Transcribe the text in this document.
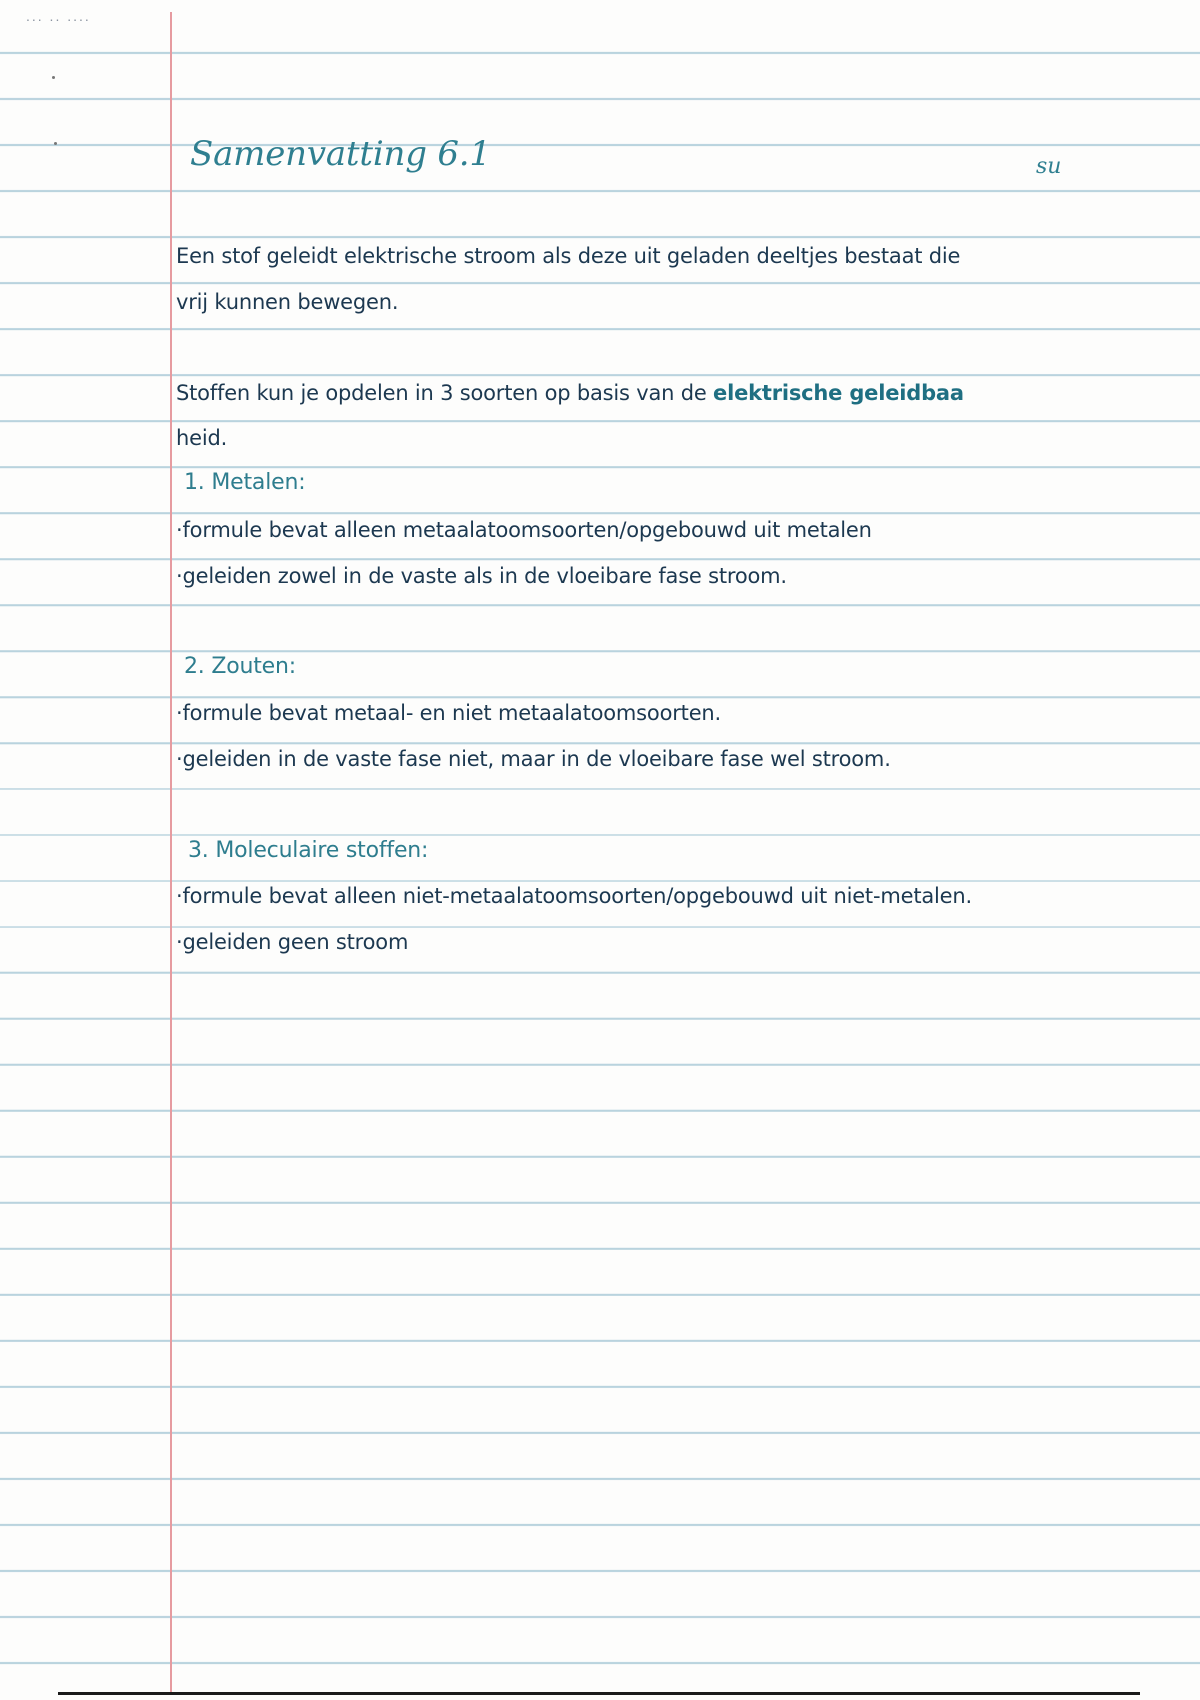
... .. ....
Samenvatting 6.1	su
Een stof geleidt elektrische stroom als deze uit geladen deeltjes bestaat die
vrij kunnen bewegen.
Stoffen kun je opdelen in 3 soorten op basis van de elektrische geleidbaa
heid.
1. Metalen:
·formule bevat alleen metaalatoomsoorten/opgebouwd uit metalen
·geleiden zowel in de vaste als in de vloeibare fase stroom.
2. Zouten:
·formule bevat metaal- en niet metaalatoomsoorten.
·geleiden in de vaste fase niet, maar in de vloeibare fase wel stroom.
3. Moleculaire stoffen:
·formule bevat alleen niet-metaalatoomsoorten/opgebouwd uit niet-metalen.
·geleiden geen stroom
